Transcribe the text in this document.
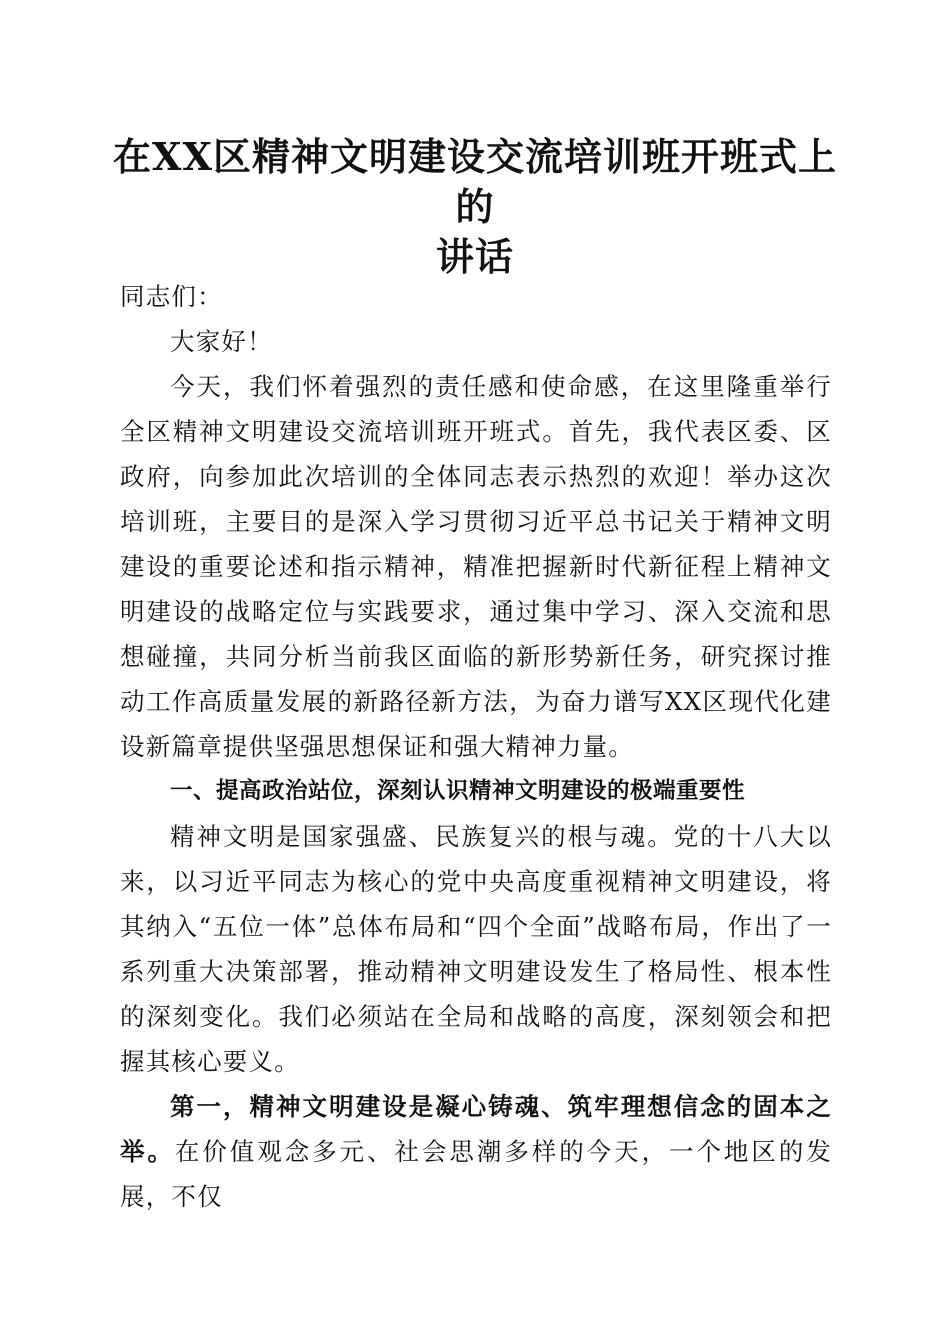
在XX区精神文明建设交流培训班开班式上的
讲话

同志们：

大家好！

今天，我们怀着强烈的责任感和使命感，在这里隆重举行全区精神文明建设交流培训班开班式。首先，我代表区委、区政府，向参加此次培训的全体同志表示热烈的欢迎！举办这次培训班，主要目的是深入学习贯彻习近平总书记关于精神文明建设的重要论述和指示精神，精准把握新时代新征程上精神文明建设的战略定位与实践要求，通过集中学习、深入交流和思想碰撞，共同分析当前我区面临的新形势新任务，研究探讨推动工作高质量发展的新路径新方法，为奋力谱写XX区现代化建设新篇章提供坚强思想保证和强大精神力量。

一、提高政治站位，深刻认识精神文明建设的极端重要性

精神文明是国家强盛、民族复兴的根与魂。党的十八大以来，以习近平同志为核心的党中央高度重视精神文明建设，将其纳入“五位一体”总体布局和“四个全面”战略布局，作出了一系列重大决策部署，推动精神文明建设发生了格局性、根本性的深刻变化。我们必须站在全局和战略的高度，深刻领会和把握其核心要义。

第一，精神文明建设是凝心铸魂、筑牢理想信念的固本之举。在价值观念多元、社会思潮多样的今天，一个地区的发展，不仅
